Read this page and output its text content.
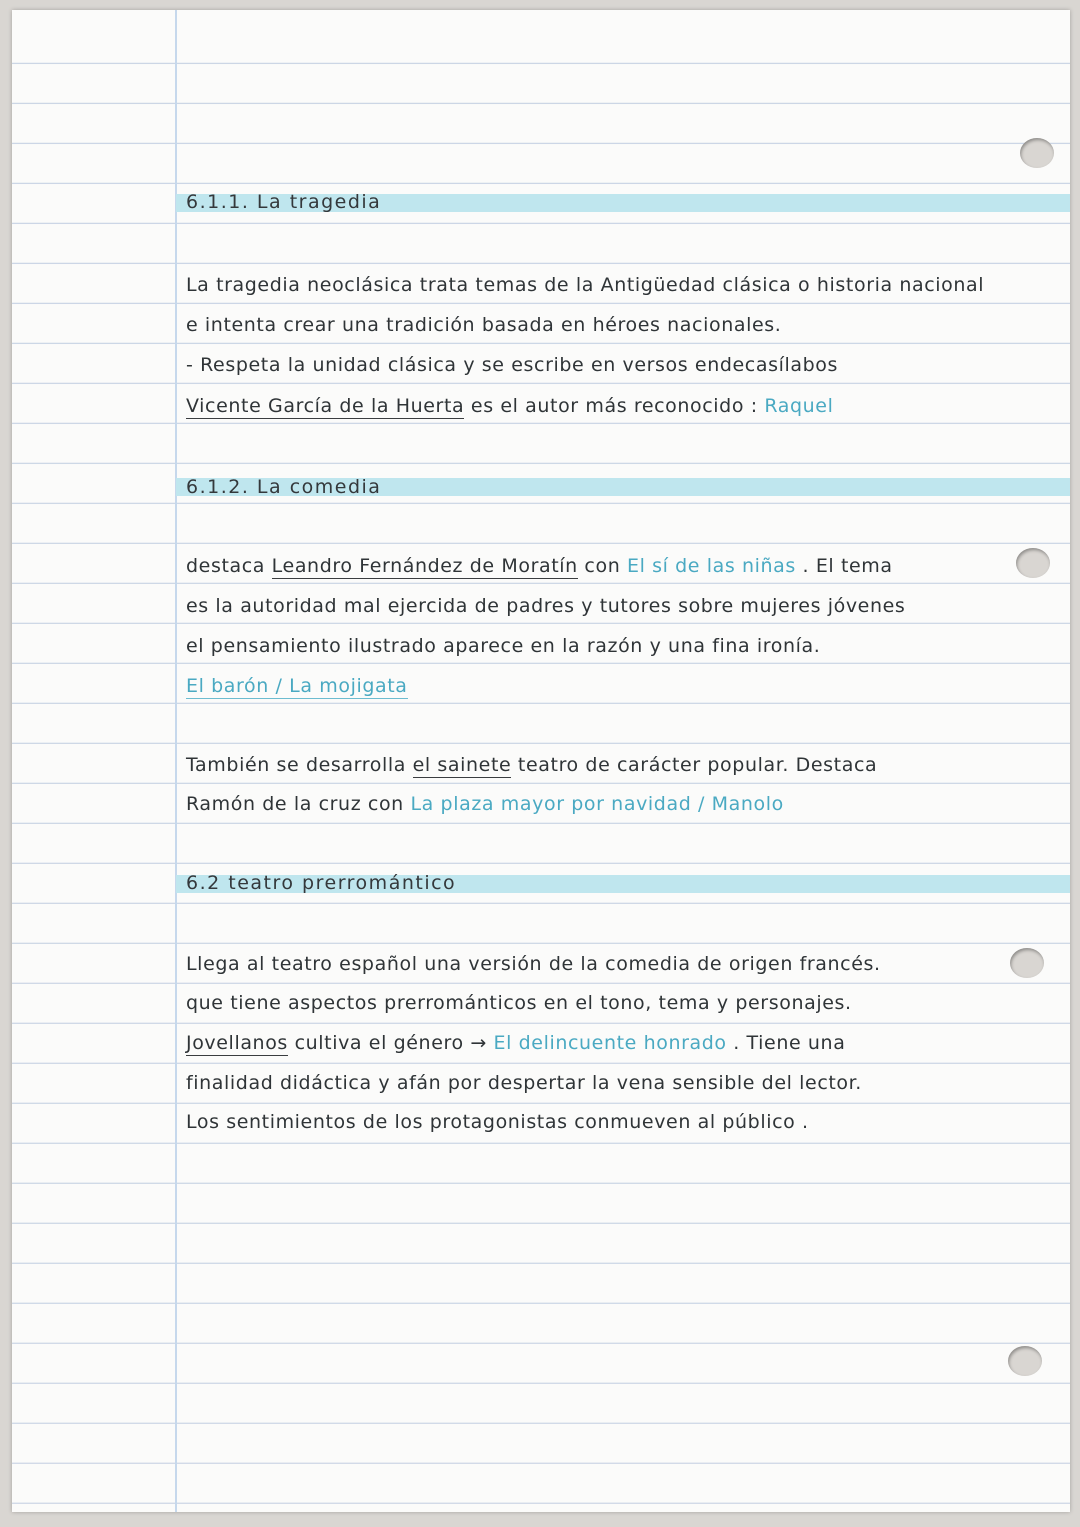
6.1.1. La tragedia
La tragedia neoclásica trata temas de la Antigüedad clásica o historia nacional
e intenta crear una tradición basada en héroes nacionales.
- Respeta la unidad clásica y se escribe en versos endecasílabos
Vicente García de la Huerta es el autor más reconocido : Raquel
6.1.2. La comedia
destaca Leandro Fernández de Moratín con El sí de las niñas . El tema
es la autoridad mal ejercida de padres y tutores sobre mujeres jóvenes
el pensamiento ilustrado aparece en la razón y una fina ironía.
El barón / La mojigata
También se desarrolla el sainete teatro de carácter popular. Destaca
Ramón de la cruz con La plaza mayor por navidad / Manolo
6.2 teatro prerromántico
Llega al teatro español una versión de la comedia de origen francés.
que tiene aspectos prerrománticos en el tono, tema y personajes.
Jovellanos cultiva el género → El delincuente honrado . Tiene una
finalidad didáctica y afán por despertar la vena sensible del lector.
Los sentimientos de los protagonistas conmueven al público .
